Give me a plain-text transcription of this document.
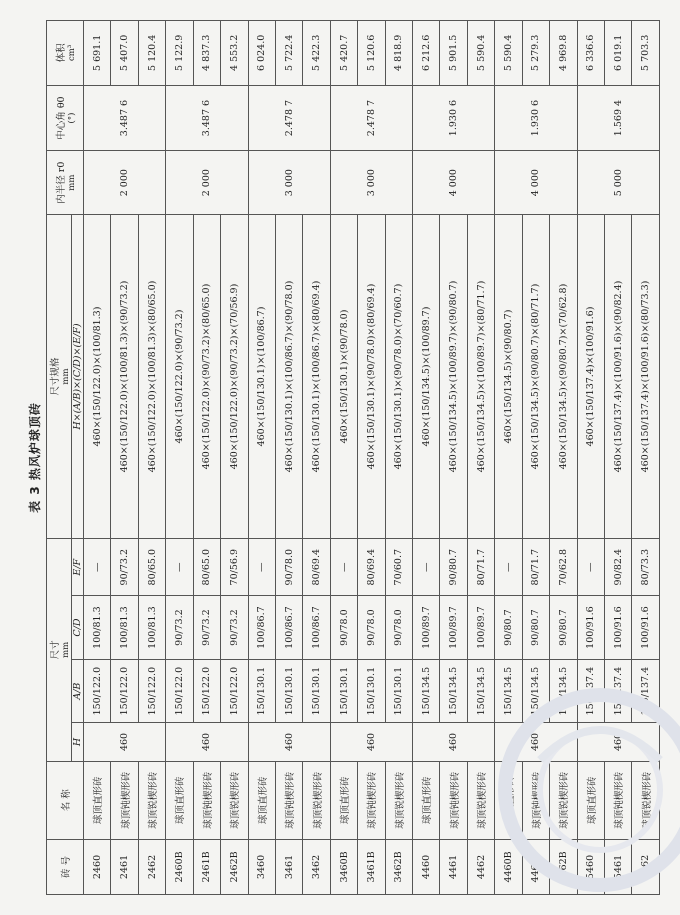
表 3 热风炉球顶砖
砖 号	名 称	尺寸 mm				尺寸规格 mm	内半径 r0 mm	中心角 θ0 (°)	体积 cm³

		H	A/B	C/D	E/F	H×(A/B)×(C/D)×(E/F)			
2460	球顶直形砖	460	150/122.0	100/81.3	—	460×(150/122.0)×(100/81.3)	2 000	3.487 6	5 691.1
2461	球顶钝楔形砖		150/122.0	100/81.3	90/73.2	460×(150/122.0)×(100/81.3)×(90/73.2)			5 407.0
2462	球顶锐楔形砖		150/122.0	100/81.3	80/65.0	460×(150/122.0)×(100/81.3)×(80/65.0)			5 120.4
2460B	球顶直形砖	460	150/122.0	90/73.2	—	460×(150/122.0)×(90/73.2)	2 000	3.487 6	5 122.9
2461B	球顶钝楔形砖		150/122.0	90/73.2	80/65.0	460×(150/122.0)×(90/73.2)×(80/65.0)			4 837.3
2462B	球顶锐楔形砖		150/122.0	90/73.2	70/56.9	460×(150/122.0)×(90/73.2)×(70/56.9)			4 553.2
3460	球顶直形砖	460	150/130.1	100/86.7	—	460×(150/130.1)×(100/86.7)	3 000	2.478 7	6 024.0
3461	球顶钝楔形砖		150/130.1	100/86.7	90/78.0	460×(150/130.1)×(100/86.7)×(90/78.0)			5 722.4
3462	球顶锐楔形砖		150/130.1	100/86.7	80/69.4	460×(150/130.1)×(100/86.7)×(80/69.4)			5 422.3
3460B	球顶直形砖	460	150/130.1	90/78.0	—	460×(150/130.1)×(90/78.0)	3 000	2.478 7	5 420.7
3461B	球顶钝楔形砖		150/130.1	90/78.0	80/69.4	460×(150/130.1)×(90/78.0)×(80/69.4)			5 120.6
3462B	球顶锐楔形砖		150/130.1	90/78.0	70/60.7	460×(150/130.1)×(90/78.0)×(70/60.7)			4 818.9
4460	球顶直形砖	460	150/134.5	100/89.7	—	460×(150/134.5)×(100/89.7)	4 000	1.930 6	6 212.6
4461	球顶钝楔形砖		150/134.5	100/89.7	90/80.7	460×(150/134.5)×(100/89.7)×(90/80.7)			5 901.5
4462	球顶锐楔形砖		150/134.5	100/89.7	80/71.7	460×(150/134.5)×(100/89.7)×(80/71.7)			5 590.4
4460B	球顶直形砖	460	150/134.5	90/80.7	—	460×(150/134.5)×(90/80.7)	4 000	1.930 6	5 590.4
4461B	球顶钝楔形砖		150/134.5	90/80.7	80/71.7	460×(150/134.5)×(90/80.7)×(80/71.7)			5 279.3
4462B	球顶锐楔形砖		150/134.5	90/80.7	70/62.8	460×(150/134.5)×(90/80.7)×(70/62.8)			4 969.8
5460	球顶直形砖	460	150/137.4	100/91.6	—	460×(150/137.4)×(100/91.6)	5 000	1.569 4	6 336.6
5461	球顶钝楔形砖		150/137.4	100/91.6	90/82.4	460×(150/137.4)×(100/91.6)×(90/82.4)			6 019.1
5462	球顶锐楔形砖		150/137.4	100/91.6	80/73.3	460×(150/137.4)×(100/91.6)×(80/73.3)			5 703.3
